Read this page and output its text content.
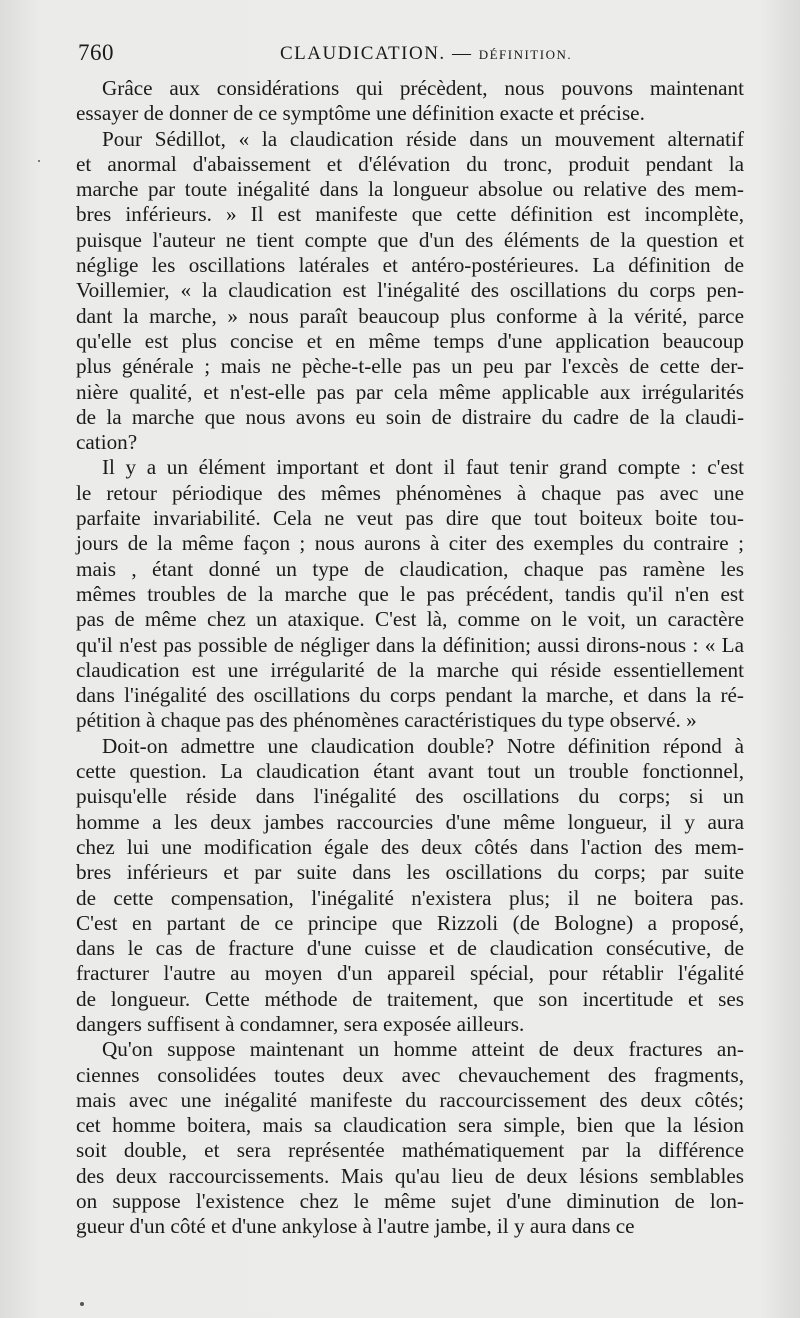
760	CLAUDICATION. — DÉFINITION.
Grâce aux considérations qui précèdent, nous pouvons maintenant
essayer de donner de ce symptôme une définition exacte et précise.
Pour Sédillot, « la claudication réside dans un mouvement alternatif
et anormal d'abaissement et d'élévation du tronc, produit pendant la
marche par toute inégalité dans la longueur absolue ou relative des mem-
bres inférieurs. » Il est manifeste que cette définition est incomplète,
puisque l'auteur ne tient compte que d'un des éléments de la question et
néglige les oscillations latérales et antéro-postérieures. La définition de
Voillemier, « la claudication est l'inégalité des oscillations du corps pen-
dant la marche, » nous paraît beaucoup plus conforme à la vérité, parce
qu'elle est plus concise et en même temps d'une application beaucoup
plus générale ; mais ne pèche-t-elle pas un peu par l'excès de cette der-
nière qualité, et n'est-elle pas par cela même applicable aux irrégularités
de la marche que nous avons eu soin de distraire du cadre de la claudi-
cation?
Il y a un élément important et dont il faut tenir grand compte : c'est
le retour périodique des mêmes phénomènes à chaque pas avec une
parfaite invariabilité. Cela ne veut pas dire que tout boiteux boite tou-
jours de la même façon ; nous aurons à citer des exemples du contraire ;
mais , étant donné un type de claudication, chaque pas ramène les
mêmes troubles de la marche que le pas précédent, tandis qu'il n'en est
pas de même chez un ataxique. C'est là, comme on le voit, un caractère
qu'il n'est pas possible de négliger dans la définition; aussi dirons-nous : « La
claudication est une irrégularité de la marche qui réside essentiellement
dans l'inégalité des oscillations du corps pendant la marche, et dans la ré-
pétition à chaque pas des phénomènes caractéristiques du type observé. »
Doit-on admettre une claudication double? Notre définition répond à
cette question. La claudication étant avant tout un trouble fonctionnel,
puisqu'elle réside dans l'inégalité des oscillations du corps; si un
homme a les deux jambes raccourcies d'une même longueur, il y aura
chez lui une modification égale des deux côtés dans l'action des mem-
bres inférieurs et par suite dans les oscillations du corps; par suite
de cette compensation, l'inégalité n'existera plus; il ne boitera pas.
C'est en partant de ce principe que Rizzoli (de Bologne) a proposé,
dans le cas de fracture d'une cuisse et de claudication consécutive, de
fracturer l'autre au moyen d'un appareil spécial, pour rétablir l'égalité
de longueur. Cette méthode de traitement, que son incertitude et ses
dangers suffisent à condamner, sera exposée ailleurs.
Qu'on suppose maintenant un homme atteint de deux fractures an-
ciennes consolidées toutes deux avec chevauchement des fragments,
mais avec une inégalité manifeste du raccourcissement des deux côtés;
cet homme boitera, mais sa claudication sera simple, bien que la lésion
soit double, et sera représentée mathématiquement par la différence
des deux raccourcissements. Mais qu'au lieu de deux lésions semblables
on suppose l'existence chez le même sujet d'une diminution de lon-
gueur d'un côté et d'une ankylose à l'autre jambe, il y aura dans ce
